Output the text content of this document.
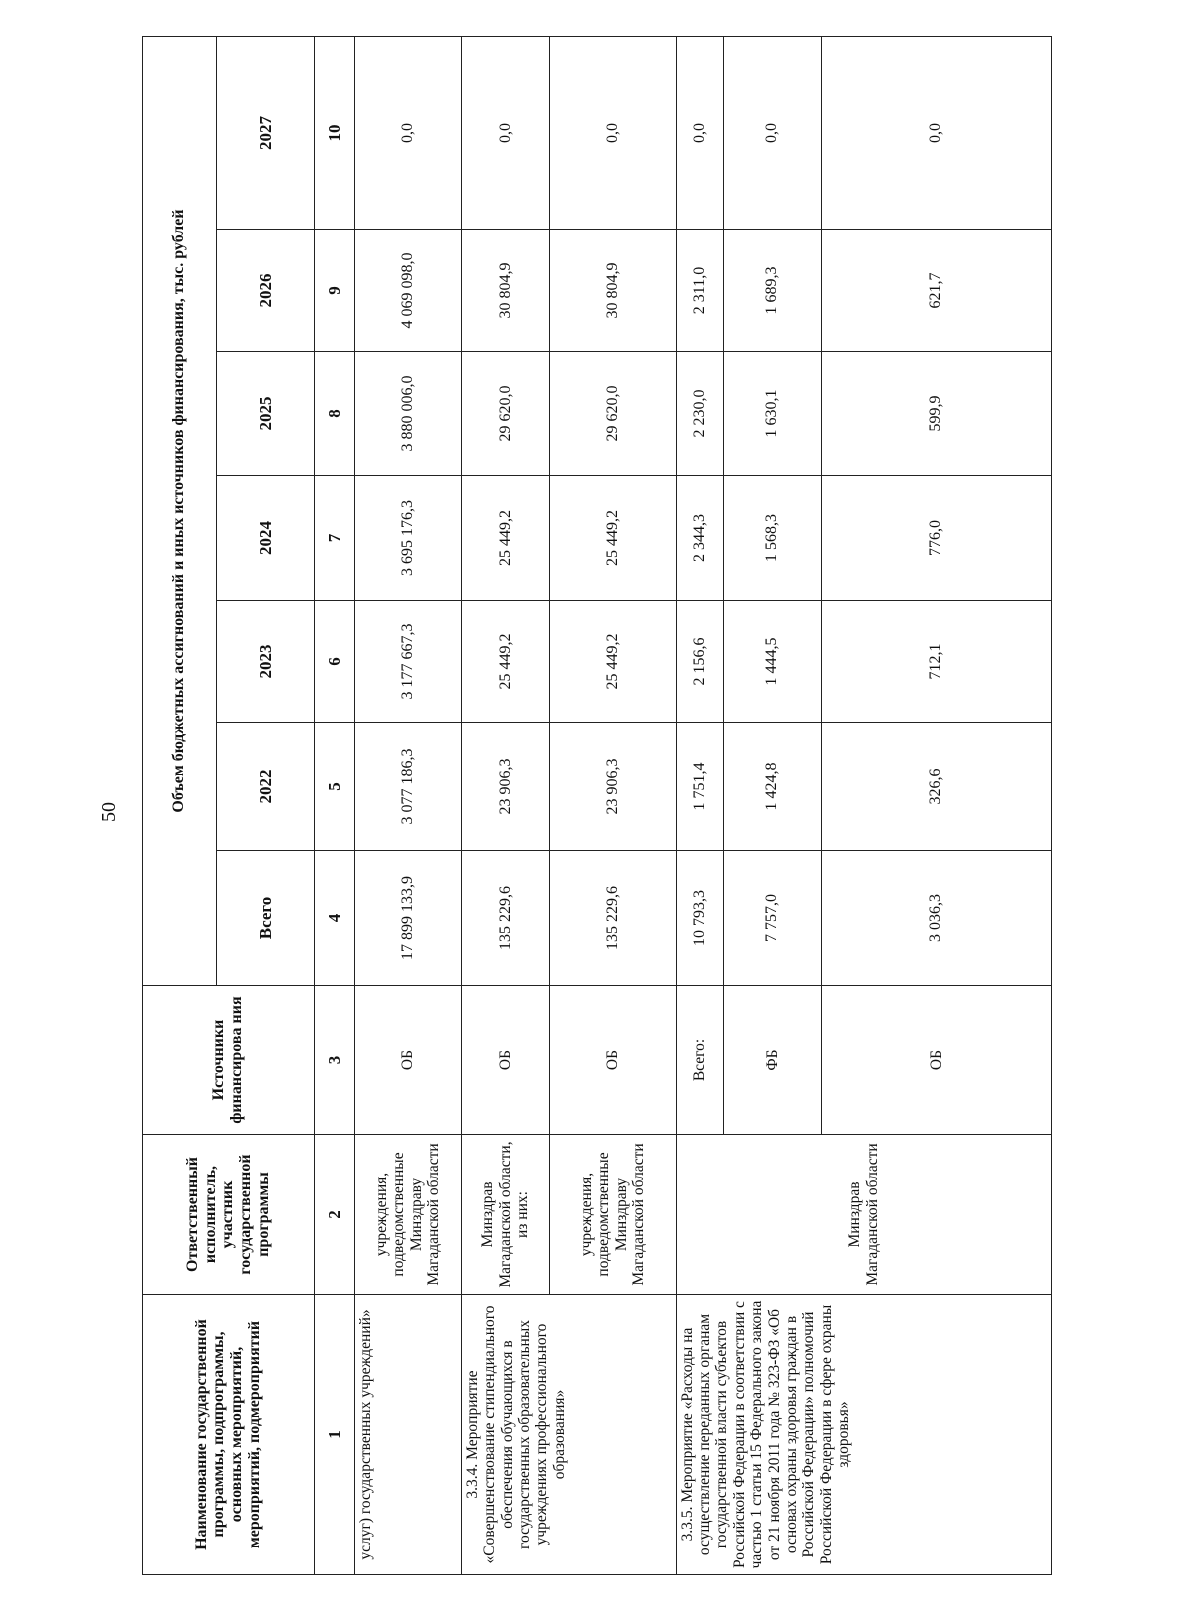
50
Наименование государственной программы, подпрограммы, основных мероприятий, мероприятий, подмероприятий	Ответственный исполнитель, участник государственной программы	Источники финансирова ния	Объем бюджетных ассигнований и иных источников финансирования, тыс. рублей						
			Всего	2022	2023	2024	2025	2026	2027
1	2	3	4	5	6	7	8	9	10
услуг) государственных учреждений»	учреждения, подведомственные Минздраву Магаданской области	ОБ	17 899 133,9	3 077 186,3	3 177 667,3	3 695 176,3	3 880 006,0	4 069 098,0	0,0
3.3.4. Мероприятие «Совершенствование стипендиального обеспечения обучающихся в государственных образовательных учреждениях профессионального образования»	Минздрав Магаданской области, из них:	ОБ	135 229,6	23 906,3	25 449,2	25 449,2	29 620,0	30 804,9	0,0
	учреждения, подведомственные Минздраву Магаданской области	ОБ	135 229,6	23 906,3	25 449,2	25 449,2	29 620,0	30 804,9	0,0
3.3.5. Мероприятие «Расходы на осуществление переданных органам государственной власти субъектов Российской Федерации в соответствии с частью 1 статьи 15 Федерального закона от 21 ноября 2011 года № 323-ФЗ «Об основах охраны здоровья граждан в Российской Федерации» полномочий Российской Федерации в сфере охраны здоровья»	Минздрав Магаданской области	Всего:	10 793,3	1 751,4	2 156,6	2 344,3	2 230,0	2 311,0	0,0
		ФБ	7 757,0	1 424,8	1 444,5	1 568,3	1 630,1	1 689,3	0,0
		ОБ	3 036,3	326,6	712,1	776,0	599,9	621,7	0,0
